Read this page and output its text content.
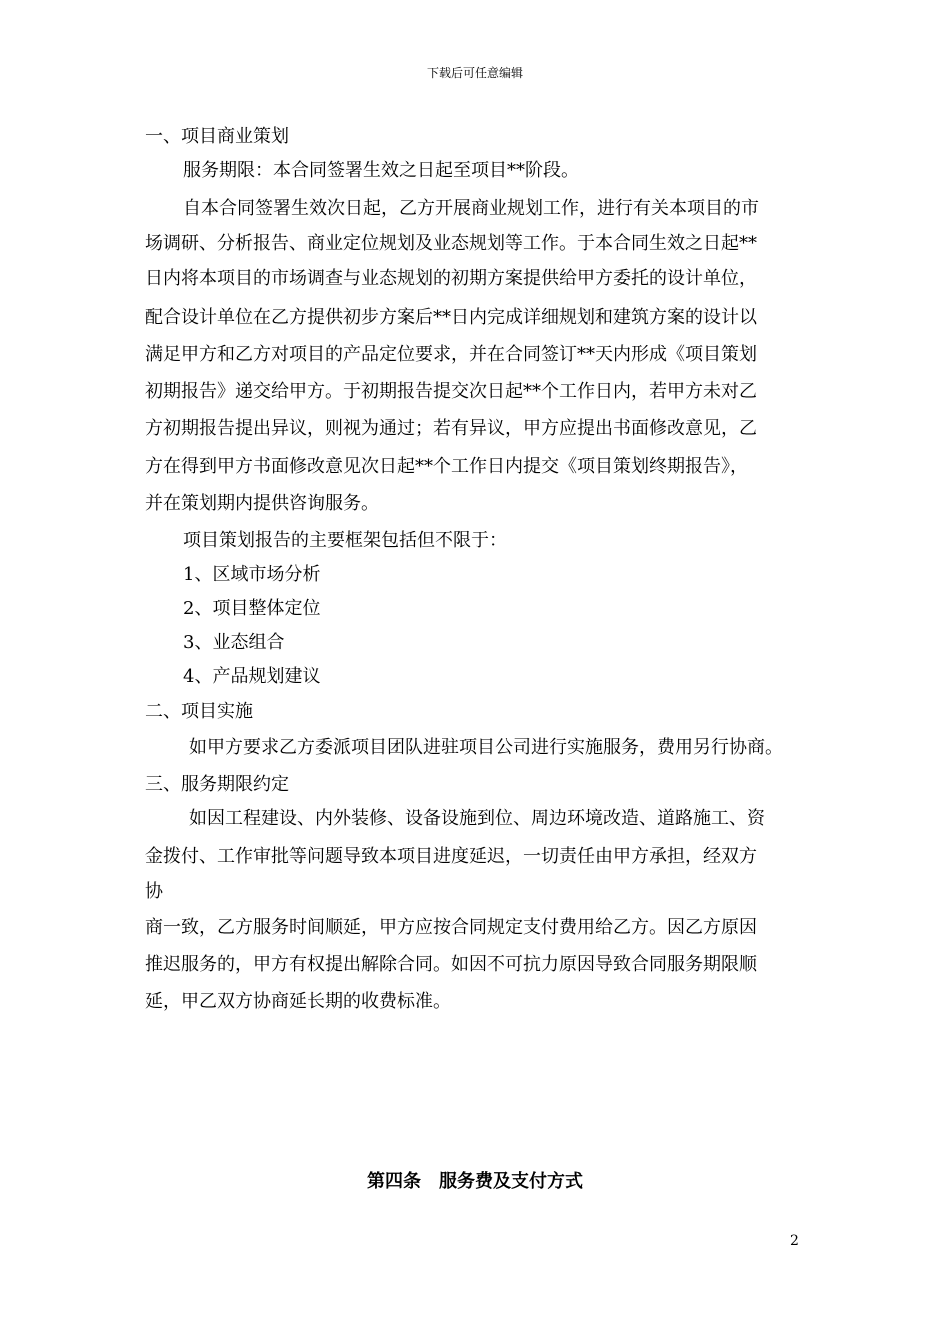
下载后可任意编辑
一、项目商业策划
服务期限：本合同签署生效之日起至项目**阶段。
自本合同签署生效次日起，乙方开展商业规划工作，进行有关本项目的市
场调研、分析报告、商业定位规划及业态规划等工作。于本合同生效之日起**
日内将本项目的市场调查与业态规划的初期方案提供给甲方委托的设计单位，
配合设计单位在乙方提供初步方案后**日内完成详细规划和建筑方案的设计以
满足甲方和乙方对项目的产品定位要求，并在合同签订**天内形成《项目策划
初期报告》递交给甲方。于初期报告提交次日起**个工作日内，若甲方未对乙
方初期报告提出异议，则视为通过；若有异议，甲方应提出书面修改意见，乙
方在得到甲方书面修改意见次日起**个工作日内提交《项目策划终期报告》，
并在策划期内提供咨询服务。
项目策划报告的主要框架包括但不限于：
1、区域市场分析
2、项目整体定位
3、业态组合
4、产品规划建议
二、项目实施
如甲方要求乙方委派项目团队进驻项目公司进行实施服务，费用另行协商。
三、服务期限约定
如因工程建设、内外装修、设备设施到位、周边环境改造、道路施工、资
金拨付、工作审批等问题导致本项目进度延迟，一切责任由甲方承担，经双方
协
商一致，乙方服务时间顺延，甲方应按合同规定支付费用给乙方。因乙方原因
推迟服务的，甲方有权提出解除合同。如因不可抗力原因导致合同服务期限顺
延，甲乙双方协商延长期的收费标准。
第四条　服务费及支付方式
2
